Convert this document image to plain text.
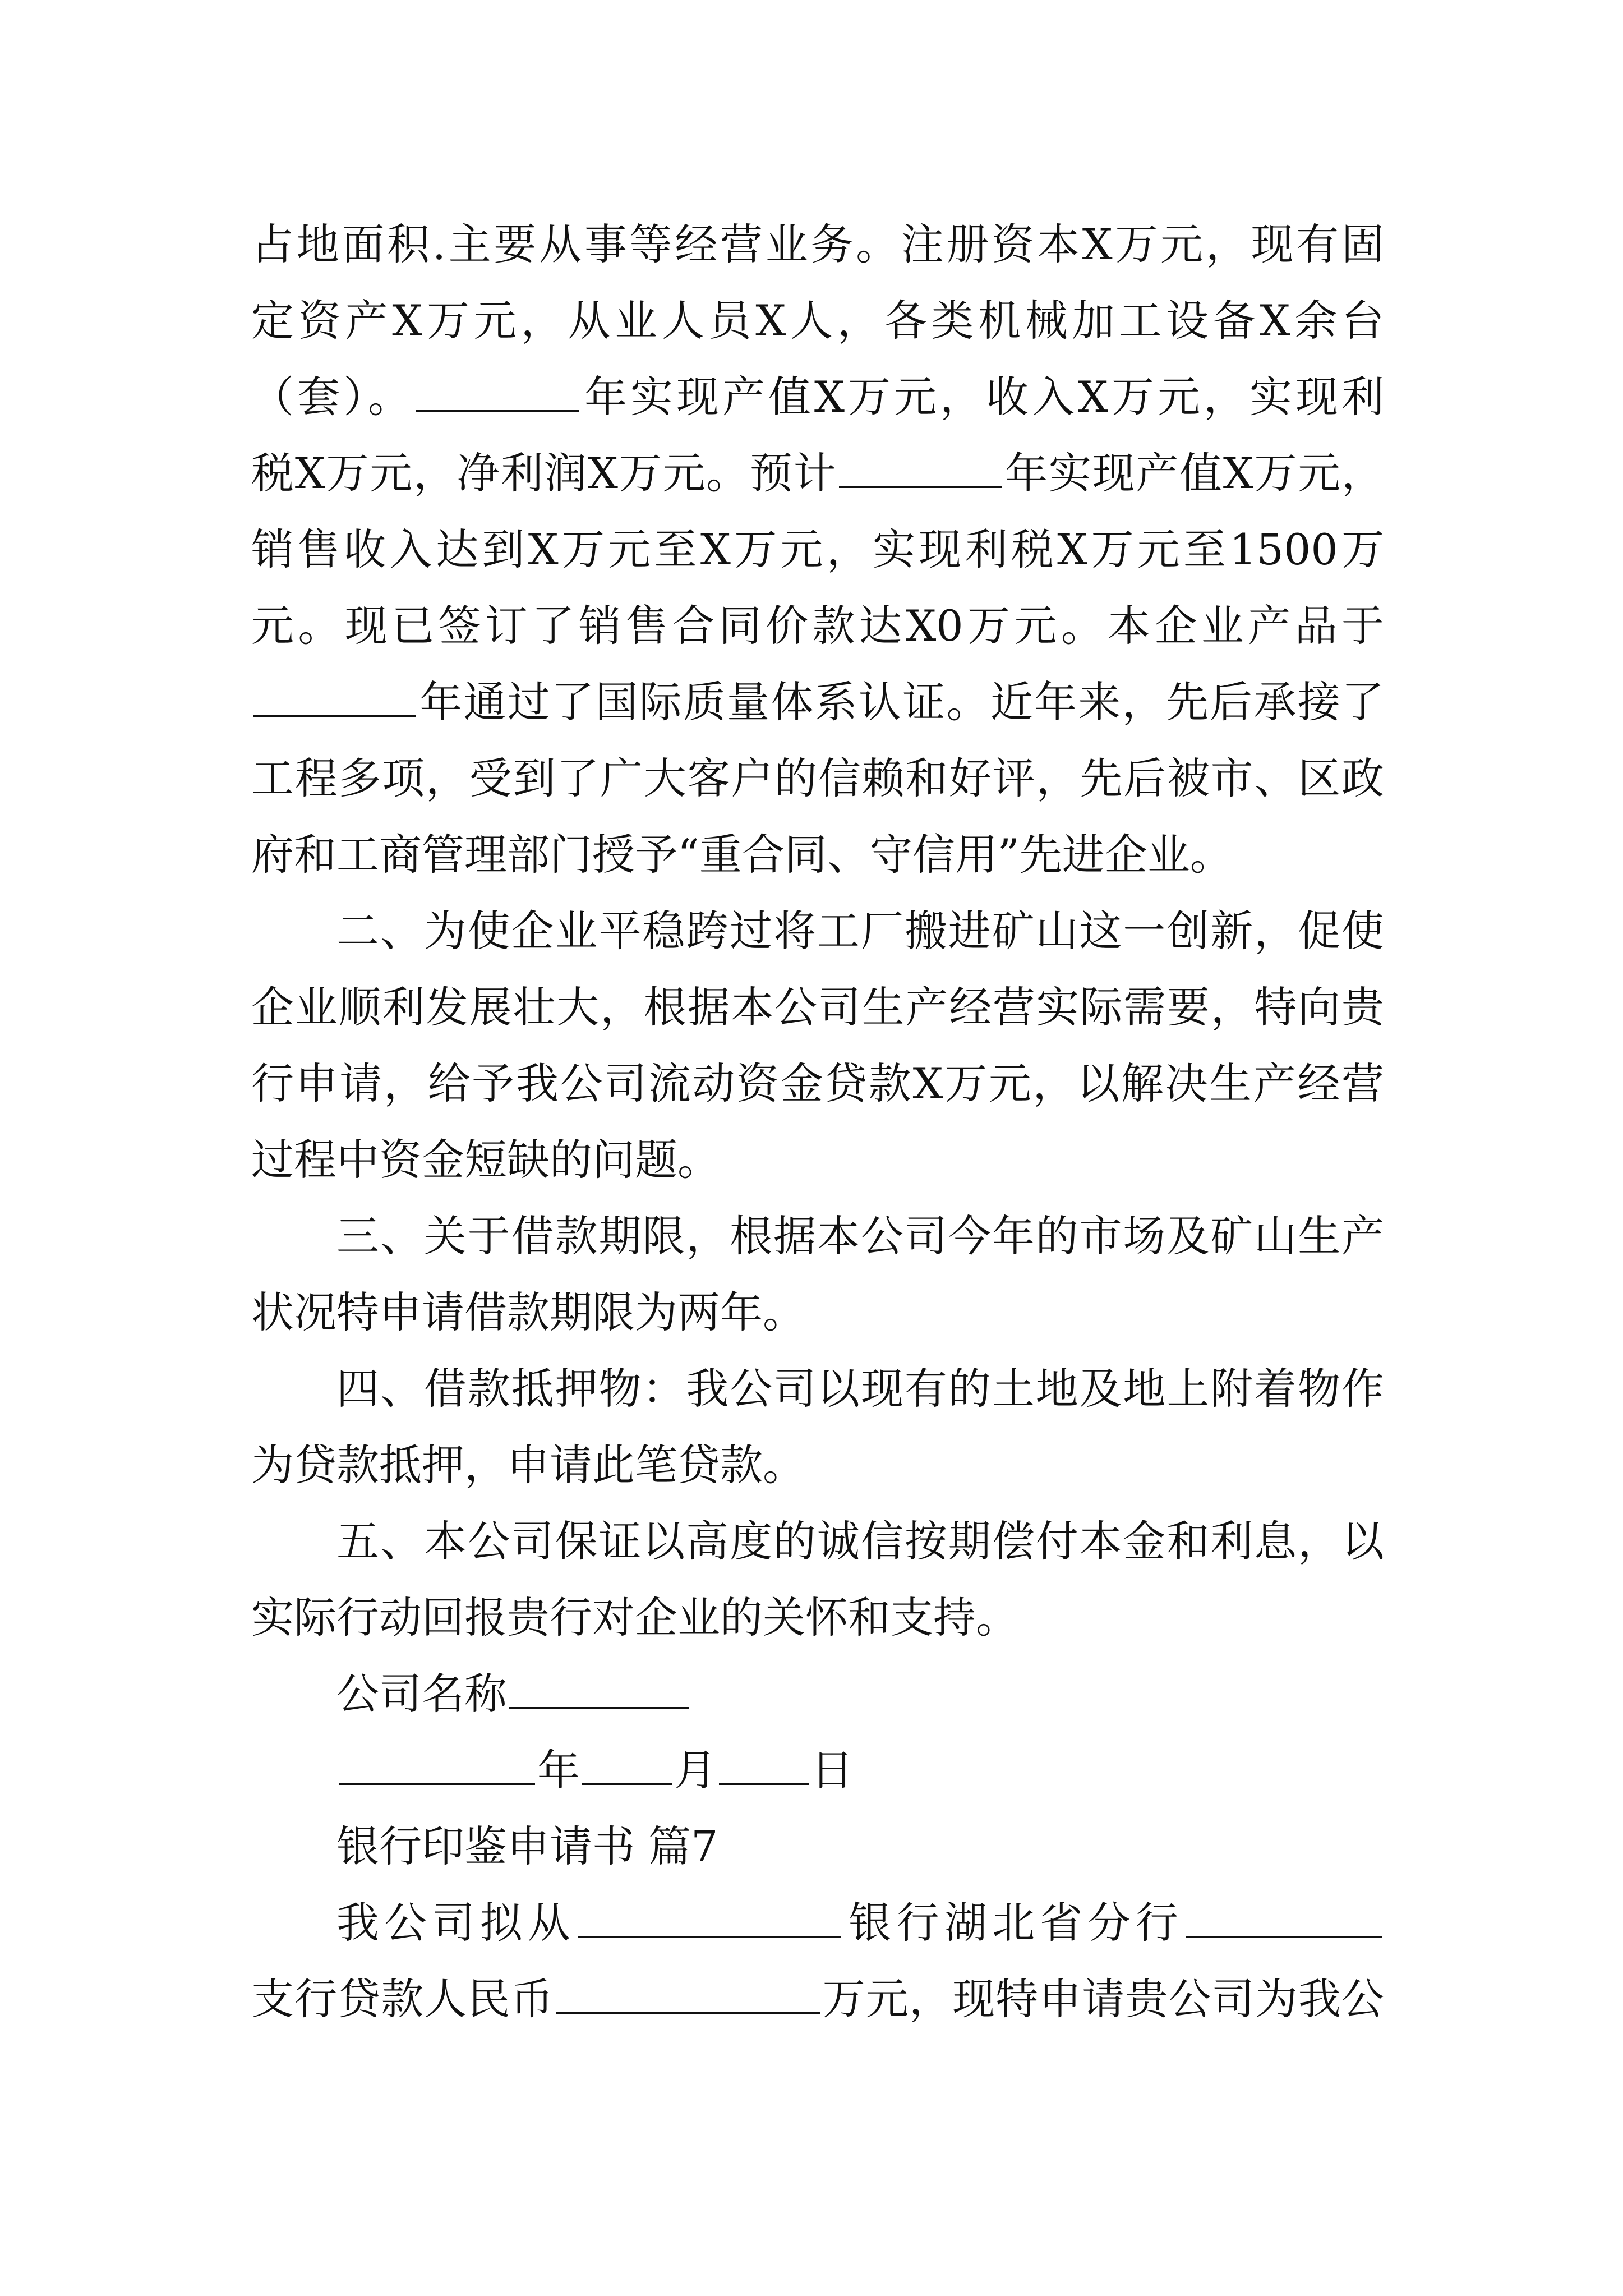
占地面积.主要从事等经营业务。注册资本X万元，现有固
定资产X万元，从业人员X人，各类机械加工设备X余台
（套）。	年实现产值X万元，收入X万元，实现利
税X万元，净利润X万元。预计	年实现产值X万元，
销售收入达到X万元至X万元，实现利税X万元至1500万
元。现已签订了销售合同价款达X0万元。本企业产品于
年通过了国际质量体系认证。近年来，先后承接了
工程多项，受到了广大客户的信赖和好评，先后被市、区政
府和工商管理部门授予“重合同、守信用”先进企业。
二、为使企业平稳跨过将工厂搬进矿山这一创新，促使
企业顺利发展壮大，根据本公司生产经营实际需要，特向贵
行申请，给予我公司流动资金贷款X万元，以解决生产经营
过程中资金短缺的问题。
三、关于借款期限，根据本公司今年的市场及矿山生产
状况特申请借款期限为两年。
四、借款抵押物：我公司以现有的土地及地上附着物作
为贷款抵押，申请此笔贷款。
五、本公司保证以高度的诚信按期偿付本金和利息，以
实际行动回报贵行对企业的关怀和支持。
公司名称
年 月 日
银行印鉴申请书 篇7
我公司拟从	银行湖北省分行
支行贷款人民币	万元，现特申请贵公司为我公
